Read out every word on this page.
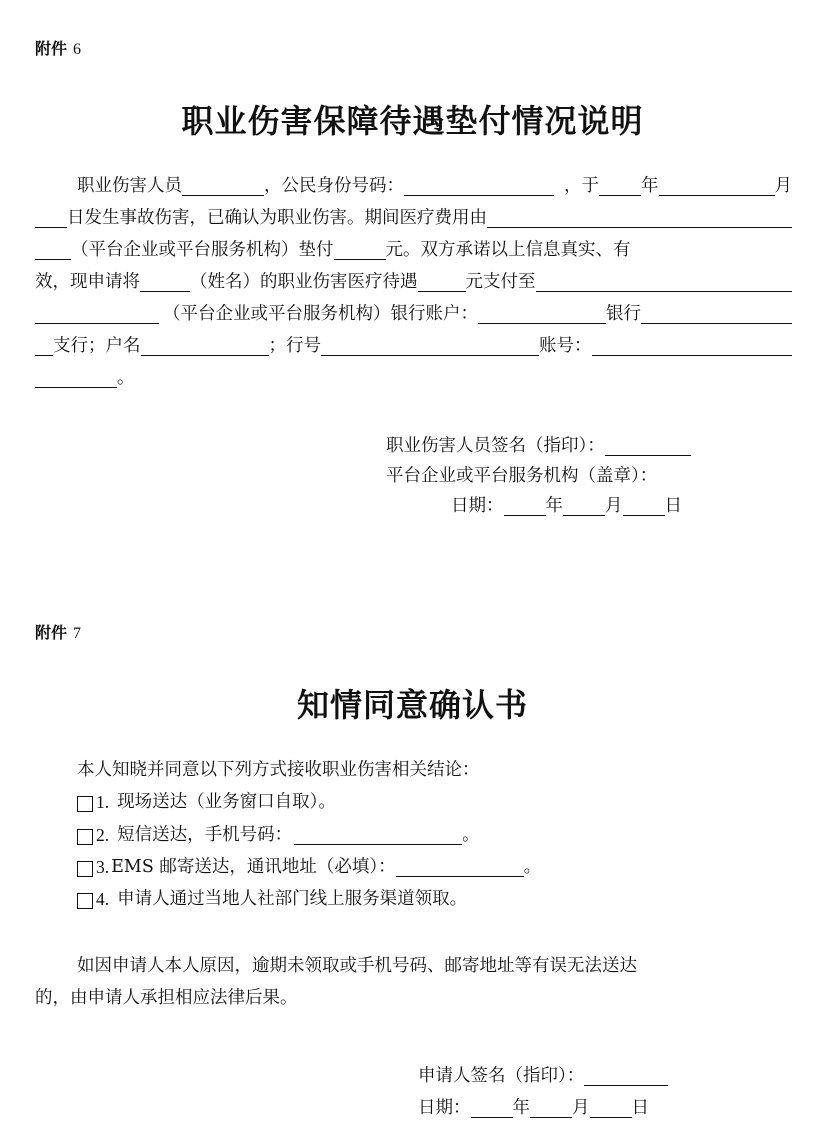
附件 6
职业伤害保障待遇垫付情况说明
职业伤害人员	，公民身份号码：	，于 年	月
日发生事故伤害，已确认为职业伤害。期间医疗费用由
（平台企业或平台服务机构）垫付	元。双方承诺以上信息真实、有
效，现申请将	（姓名）的职业伤害医疗待遇	元支付至
（平台企业或平台服务机构）银行账户：	银行
支行；户名	；行号	账号：
。
职业伤害人员签名（指印）：
平台企业或平台服务机构（盖章）：
日期： 年 月 日
附件 7
知情同意确认书
本人知晓并同意以下列方式接收职业伤害相关结论：
1. 现场送达（业务窗口自取）。
2. 短信送达，手机号码：	。
3. EMS 邮寄送达，通讯地址（必填）：	。
4. 申请人通过当地人社部门线上服务渠道领取。
如因申请人本人原因，逾期未领取或手机号码、邮寄地址等有误无法送达
的，由申请人承担相应法律后果。
申请人签名（指印）：
日期： 年 月 日
